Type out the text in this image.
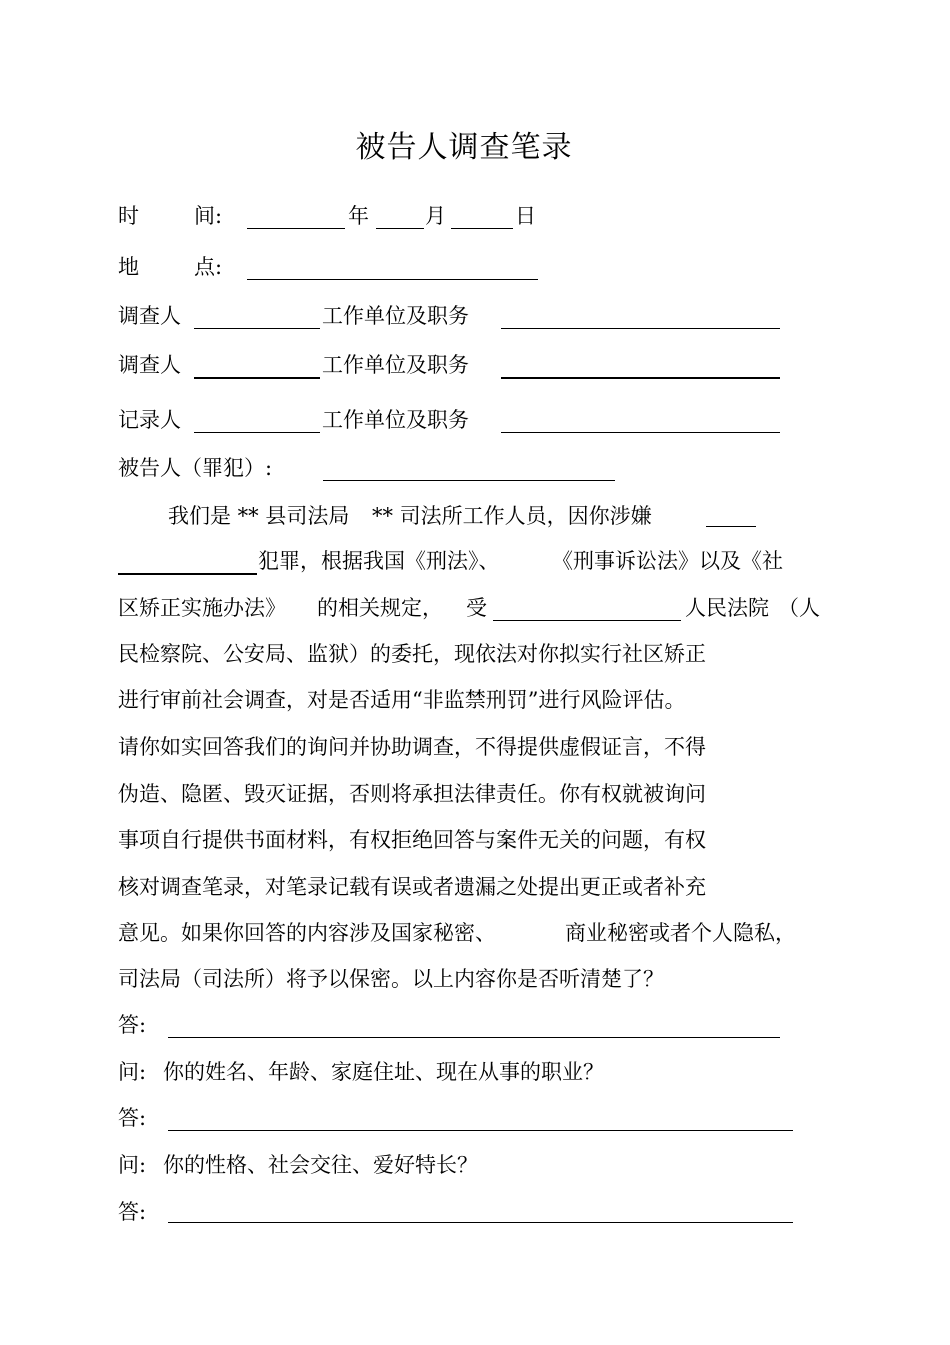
被告人调查笔录
时	间:	年	月	日
地	点:
调查人	工作单位及职务
调查人	工作单位及职务
记录人	工作单位及职务
被告人（罪犯）:
我们是 ** 县司法局 ** 司法所工作人员，因你涉嫌
犯罪，根据我国《刑法》、	《刑事诉讼法》以及《社
区矫正实施办法》 的相关规定， 受	人民法院 （人
民检察院、公安局、监狱）的委托，现依法对你拟实行社区矫正
进行审前社会调查，对是否适用“非监禁刑罚”进行风险评估。
请你如实回答我们的询问并协助调查，不得提供虚假证言，不得
伪造、隐匿、毁灭证据，否则将承担法律责任。你有权就被询问
事项自行提供书面材料，有权拒绝回答与案件无关的问题，有权
核对调查笔录，对笔录记载有误或者遗漏之处提出更正或者补充
意见。如果你回答的内容涉及国家秘密、	商业秘密或者个人隐私，
司法局（司法所）将予以保密。以上内容你是否听清楚了？
答:
问: 你的姓名、年龄、家庭住址、现在从事的职业？
答:
问: 你的性格、社会交往、爱好特长？
答:
